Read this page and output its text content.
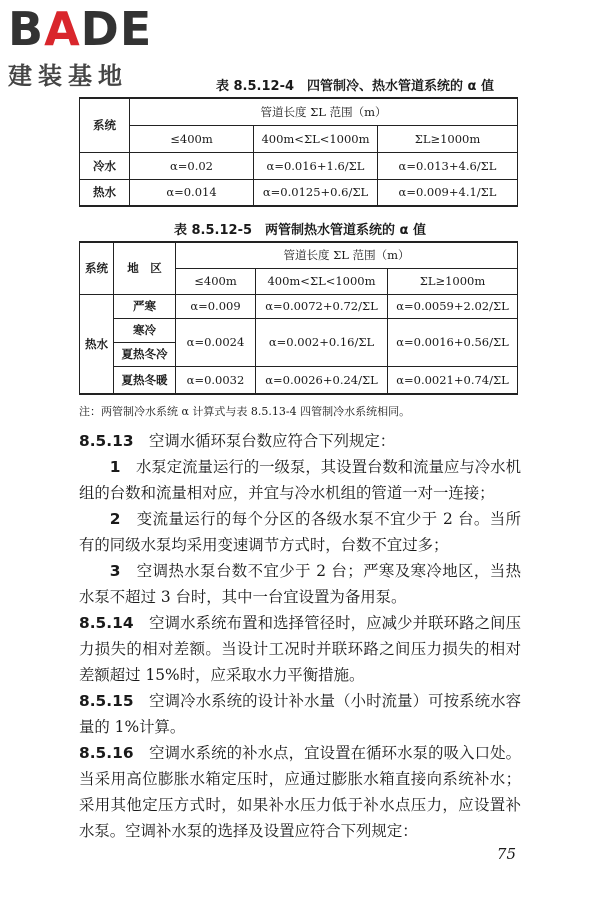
BADE
建装基地	表 8.5.12-4　四管制冷、热水管道系统的 α 值
系统	管道长度 ΣL 范围（m）		
	≤400m	400m<ΣL<1000m	ΣL≥1000m
冷水	α=0.02	α=0.016+1.6/ΣL	α=0.013+4.6/ΣL
热水	α=0.014	α=0.0125+0.6/ΣL	α=0.009+4.1/ΣL
表 8.5.12-5　两管制热水管道系统的 α 值
系统	地　区	管道长度 ΣL 范围（m）		
		≤400m	400m<ΣL<1000m	ΣL≥1000m
热水	严寒	α=0.009	α=0.0072+0.72/ΣL	α=0.0059+2.02/ΣL
	寒冷	α=0.0024	α=0.002+0.16/ΣL	α=0.0016+0.56/ΣL
	夏热冬冷			
	夏热冬暖	α=0.0032	α=0.0026+0.24/ΣL	α=0.0021+0.74/ΣL

注：两管制冷水系统 α 计算式与表 8.5.13-4 四管制冷水系统相同。

8.5.13　 空调水循环泵台数应符合下列规定：

1　 水泵定流量运行的一级泵，其设置台数和流量应与冷水机组的台数和流量相对应，并宜与冷水机组的管道一对一连接；

2　 变流量运行的每个分区的各级水泵不宜少于 2 台。当所有的同级水泵均采用变速调节方式时，台数不宜过多；

3　 空调热水泵台数不宜少于 2 台；严寒及寒冷地区，当热水泵不超过 3 台时，其中一台宜设置为备用泵。

8.5.14　 空调水系统布置和选择管径时，应减少并联环路之间压力损失的相对差额。当设计工况时并联环路之间压力损失的相对差额超过 15%时，应采取水力平衡措施。

8.5.15　 空调冷水系统的设计补水量（小时流量）可按系统水容量的 1%计算。

8.5.16　 空调水系统的补水点，宜设置在循环水泵的吸入口处。当采用高位膨胀水箱定压时，应通过膨胀水箱直接向系统补水；采用其他定压方式时，如果补水压力低于补水点压力，应设置补水泵。空调补水泵的选择及设置应符合下列规定：

75
